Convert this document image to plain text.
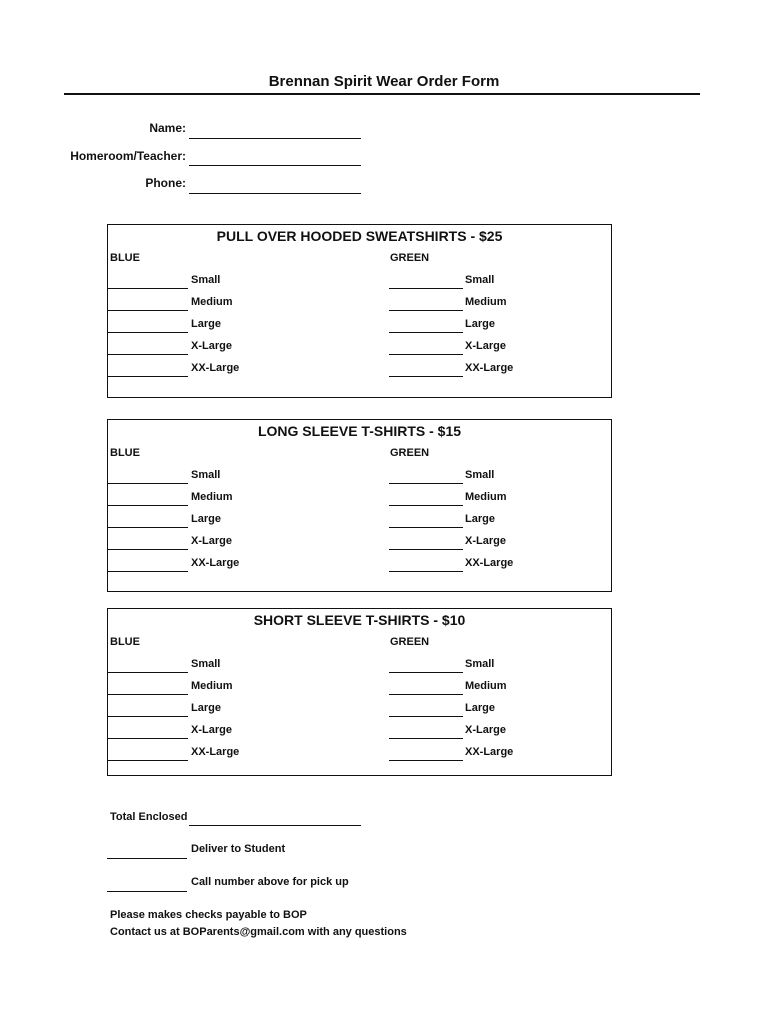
Brennan Spirit Wear Order Form
Name:
Homeroom/Teacher:
Phone:
PULL OVER HOODED SWEATSHIRTS - $25
BLUE	GREEN
Small	Small
Medium	Medium
Large	Large
X-Large	X-Large
XX-Large	XX-Large
LONG SLEEVE T-SHIRTS - $15
BLUE	GREEN
Small	Small
Medium	Medium
Large	Large
X-Large	X-Large
XX-Large	XX-Large
SHORT SLEEVE T-SHIRTS - $10
BLUE	GREEN
Small	Small
Medium	Medium
Large	Large
X-Large	X-Large
XX-Large	XX-Large
Total Enclosed
Deliver to Student
Call number above for pick up
Please makes checks payable to BOP
Contact us at BOParents@gmail.com with any questions
